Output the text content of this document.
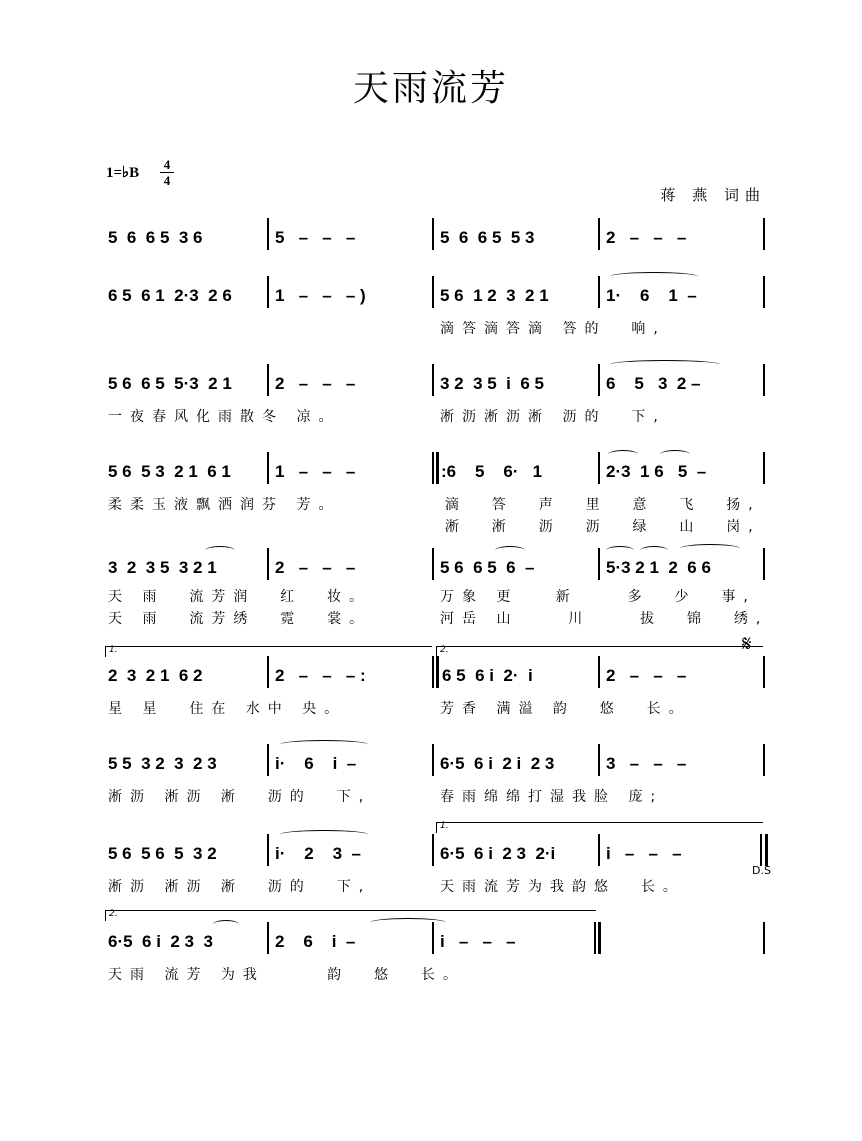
天雨流芳
1=♭B
4
4
蒋 燕 词曲
5  6  6 5  3 6	5   –   –   –	5  6  6 5  5 3	2   –   –   –
6 5  6 1  2·3  2 6	1   –   –   – )	5 6  1 2  3  2 1	1·    6    1  –
滴答滴答滴 答的  响,
5 6  6 5  5·3  2 1	2   –   –   –	3 2  3 5  i  6 5	6    5   3  2 –
一夜春风化雨散冬 凉。	淅沥淅沥淅 沥的  下,
5 6  5 3  2 1  6 1	1   –   –   –	:6    5    6·   1	2·3  1 6   5  –
柔柔玉液飘洒润芬 芳。	滴  答  声  里  意  飞  扬,
淅  淅  沥  沥  绿  山  岗,
3  2  3 5  3 2 1	2   –   –   –	5 6  6 5  6  –	5·3 2 1  2  6 6
天 雨  流芳润  红  妆。
天 雨  流芳绣  霓  裳。
万象 更   新    多  少  事,
河岳 山    川    拔  锦  绣,
1.	2.	𝄋
2  3  2 1  6 2	2   –   –   – :	6 5  6 i  2·  i	2   –   –   –
星 星  住在 水中 央。	芳香 满溢 韵  悠  长。
5 5  3 2  3  2 3	i·    6    i  –	6·5  6 i  2 i  2 3	3   –   –   –
淅沥 淅沥 淅  沥的  下,	春雨绵绵打湿我脸 庞;
1.
5 6  5 6  5  3 2	i·    2    3  –	6·5  6 i  2 3  2·i	i   –   –   –
D.S
淅沥 淅沥 淅  沥的  下,	天雨流芳为我韵悠  长。
2.
6·5  6 i  2 3  3	2    6    i  –	i   –   –   –
天雨 流芳 为我     韵  悠  长。
